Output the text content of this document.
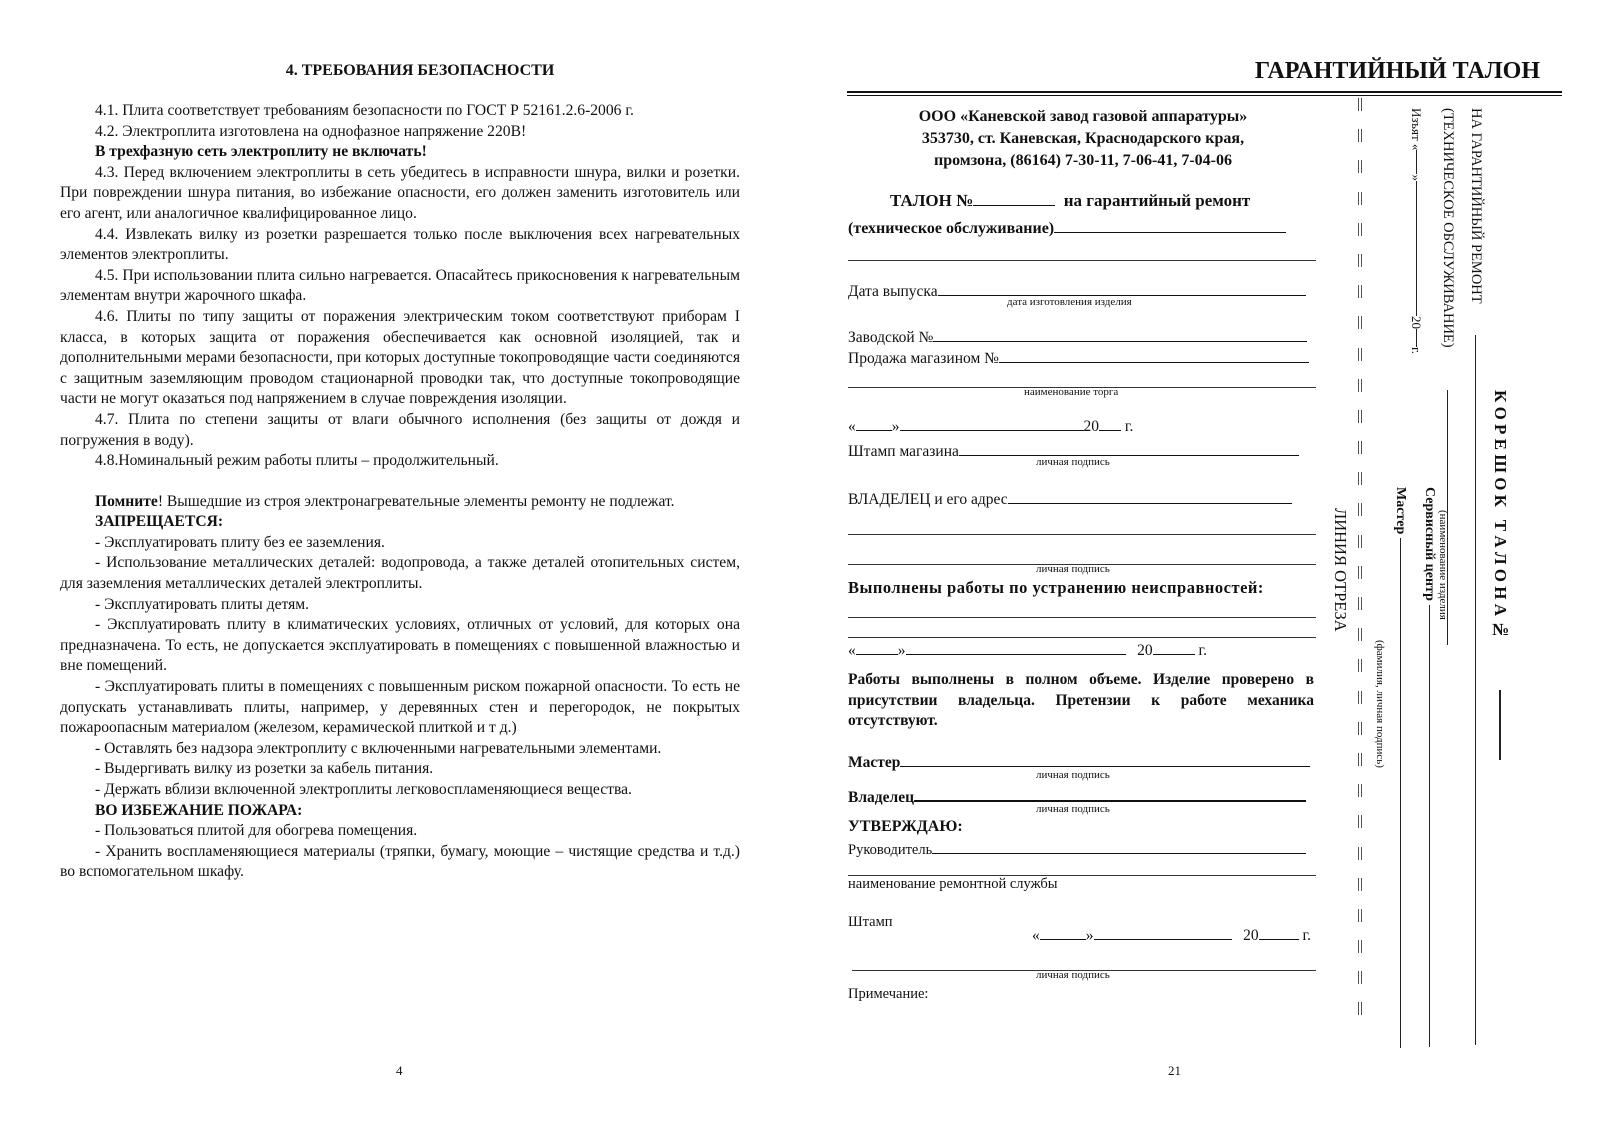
4. ТРЕБОВАНИЯ БЕЗОПАСНОСТИ

4.1. Плита соответствует требованиям безопасности по ГОСТ Р 52161.2.6-2006 г.

4.2. Электроплита изготовлена на однофазное напряжение 220В!

В трехфазную сеть электроплиту не включать!

4.3. Перед включением электроплиты в сеть убедитесь в исправности шнура, вилки и розетки. При повреждении шнура питания, во избежание опасности, его должен заменить изготовитель или его агент, или аналогичное квалифицированное лицо.

4.4. Извлекать вилку из розетки разрешается только после выключения всех нагревательных элементов электроплиты.

4.5. При использовании плита сильно нагревается. Опасайтесь прикосновения к нагревательным элементам внутри жарочного шкафа.

4.6. Плиты по типу защиты от поражения электрическим током соответствуют приборам I класса, в которых защита от поражения обеспечивается как основной изоляцией, так и дополнительными мерами безопасности, при которых доступные токопроводящие части соединяются с защитным заземляющим проводом стационарной проводки так, что доступные токопроводящие части не могут оказаться под напряжением в случае повреждения изоляции.

4.7. Плита по степени защиты от влаги обычного исполнения (без защиты от дождя и погружения в воду).

4.8.Номинальный режим работы плиты – продолжительный.

Помните! Вышедшие из строя электронагревательные элементы ремонту не подлежат.

ЗАПРЕЩАЕТСЯ:

- Эксплуатировать плиту без ее заземления.

- Использование металлических деталей: водопровода, а также деталей отопительных систем, для заземления металлических деталей электроплиты.

- Эксплуатировать плиты детям.

- Эксплуатировать плиту в климатических условиях, отличных от условий, для которых она предназначена. То есть, не допускается эксплуатировать в помещениях с повышенной влажностью и вне помещений.

- Эксплуатировать плиты в помещениях с повышенным риском пожарной опасности. То есть не допускать устанавливать плиты, например, у деревянных стен и перегородок, не покрытых пожароопасным материалом (железом, керамической плиткой и т д.)

- Оставлять без надзора электроплиту с включенными нагревательными элементами.

- Выдергивать вилку из розетки за кабель питания.

- Держать вблизи включенной электроплиты легковоспламеняющиеся вещества.

ВО ИЗБЕЖАНИЕ ПОЖАРА:

- Пользоваться плитой для обогрева помещения.

- Хранить воспламеняющиеся материалы (тряпки, бумагу, моющие – чистящие средства и т.д.) во вспомогательном шкафу.

4
ГАРАНТИЙНЫЙ ТАЛОН
ООО «Каневской завод газовой аппаратуры»
353730, ст. Каневская, Краснодарского края,
промзона, (86164) 7-30-11, 7-06-41, 7-04-06
ТАЛОН №	на гарантийный ремонт
(техническое обслуживание)
Дата выпуска
дата изготовления изделия
Заводской №
Продажа магазином №
наименование торга
« »	20 г.
Штамп магазина
личная подпись
ВЛАДЕЛЕЦ и его адрес
личная подпись
Выполнены работы по устранению неисправностей:
«	»	20	г.
Работы выполнены в полном объеме. Изделие проверено в присутствии владельца. Претензии к работе механика отсутствуют.
Мастер
личная подпись
Владелец
личная подпись
УТВЕРЖДАЮ:
Руководитель
наименование ремонтной службы
Штамп
«	»	20	г.
личная подпись
Примечание:
||
||
||
||
||
||
||
||
||
||
||
||
||
||
||
||
||
||
||
||
||
||
||
||
||
||
||
||
||
||
ЛИНИЯ ОТРЕЗА	Мастер
(фамилия, личная подпись)
Сервисный центр (наименование изделия
Изъят «»20г.
(ТЕХНИЧЕСКОЕ ОБСЛУЖИВАНИЕ) НА ГАРАНТИЙНЫЙ РЕМОНТ
К О Р Е Ш О К   Т А Л О Н А №
21
